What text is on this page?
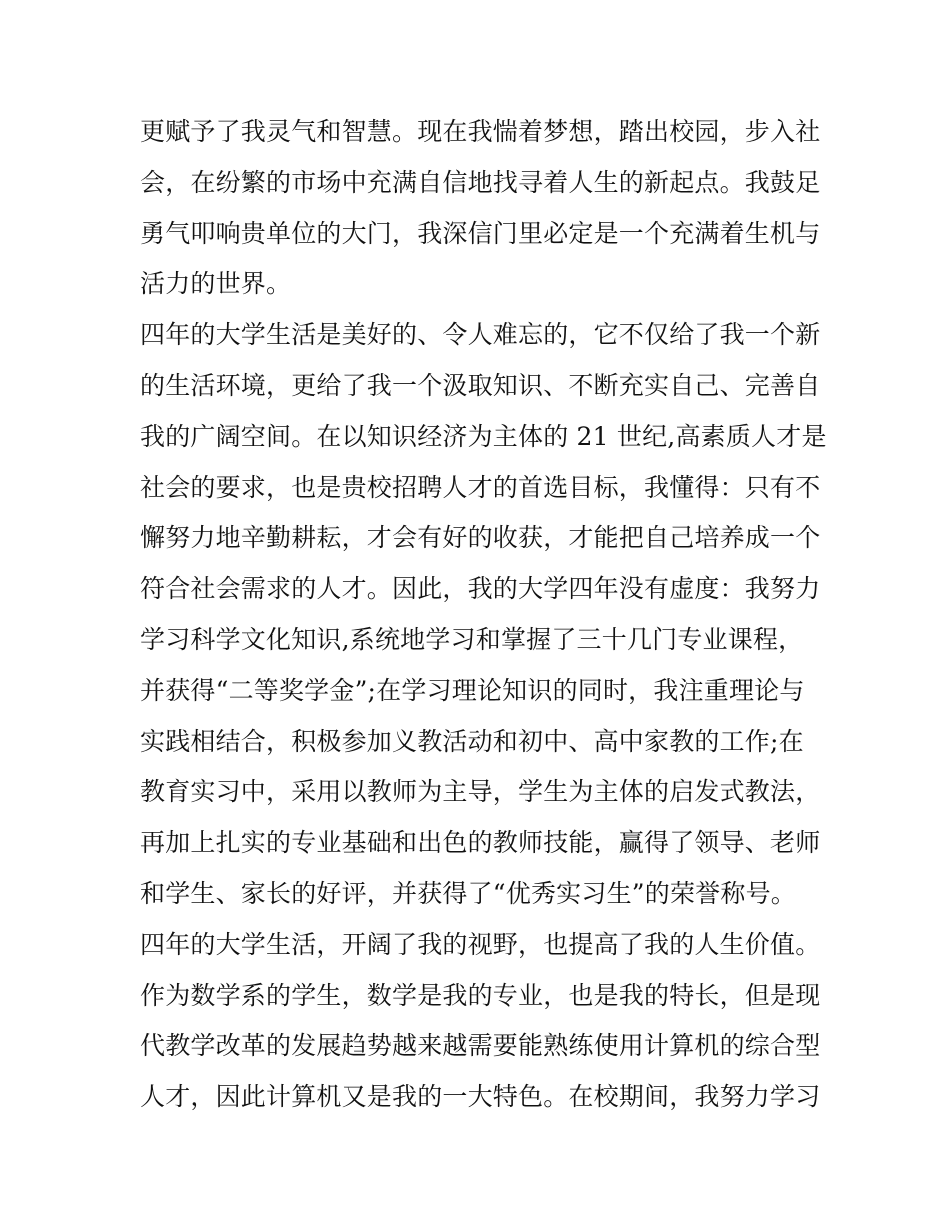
更赋予了我灵气和智慧。现在我惴着梦想，踏出校园，步入社
会，在纷繁的市场中充满自信地找寻着人生的新起点。我鼓足
勇气叩响贵单位的大门，我深信门里必定是一个充满着生机与
活力的世界。
四年的大学生活是美好的、令人难忘的，它不仅给了我一个新
的生活环境，更给了我一个汲取知识、不断充实自己、完善自
我的广阔空间。在以知识经济为主体的 21 世纪,高素质人才是
社会的要求，也是贵校招聘人才的首选目标，我懂得：只有不
懈努力地辛勤耕耘，才会有好的收获，才能把自己培养成一个
符合社会需求的人才。因此，我的大学四年没有虚度：我努力
学习科学文化知识,系统地学习和掌握了三十几门专业课程，
并获得“二等奖学金”;在学习理论知识的同时，我注重理论与
实践相结合，积极参加义教活动和初中、高中家教的工作;在
教育实习中，采用以教师为主导，学生为主体的启发式教法，
再加上扎实的专业基础和出色的教师技能，赢得了领导、老师
和学生、家长的好评，并获得了“优秀实习生”的荣誉称号。
四年的大学生活，开阔了我的视野，也提高了我的人生价值。
作为数学系的学生，数学是我的专业，也是我的特长，但是现
代教学改革的发展趋势越来越需要能熟练使用计算机的综合型
人才，因此计算机又是我的一大特色。在校期间，我努力学习
